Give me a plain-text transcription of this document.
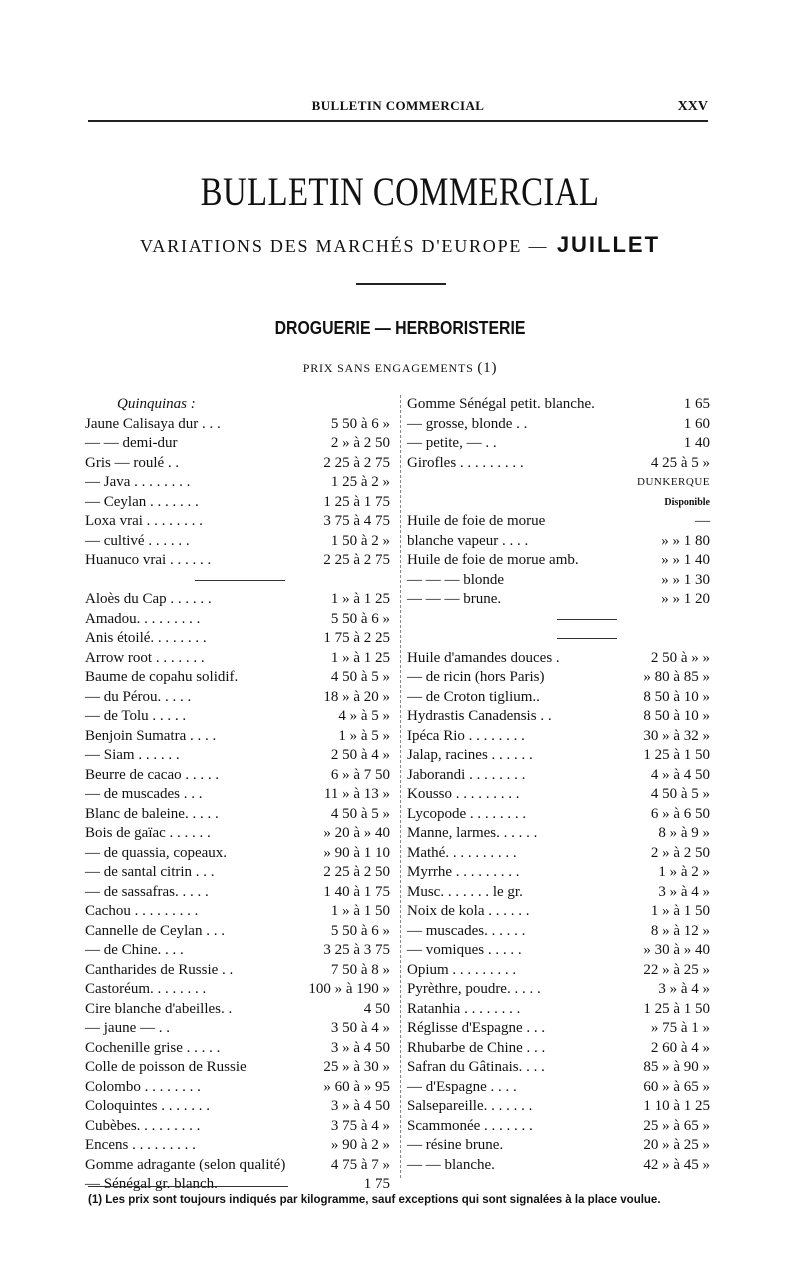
BULLETIN COMMERCIAL	XXV
BULLETIN COMMERCIAL
VARIATIONS DES MARCHÉS D'EUROPE — JUILLET
DROGUERIE — HERBORISTERIE
PRIX SANS ENGAGEMENTS (1)
Quinquinas :
Jaune Calisaya dur . . .	5 50 à 6 »
— — demi-dur	2 » à 2 50
Gris — roulé . .	2 25 à 2 75
— Java . . . . . . . .	1 25 à 2 »
— Ceylan . . . . . . .	1 25 à 1 75
Loxa vrai . . . . . . . .	3 75 à 4 75
— cultivé . . . . . .	1 50 à 2 »
Huanuco vrai . . . . . .	2 25 à 2 75
Aloès du Cap . . . . . .	1 » à 1 25
Amadou. . . . . . . . .	5 50 à 6 »
Anis étoilé. . . . . . . .	1 75 à 2 25
Arrow root . . . . . . .	1 » à 1 25
Baume de copahu solidif.	4 50 à 5 »
— du Pérou. . . . .	18 » à 20 »
— de Tolu . . . . .	4 » à 5 »
Benjoin Sumatra . . . .	1 » à 5 »
— Siam . . . . . .	2 50 à 4 »
Beurre de cacao . . . . .	6 » à 7 50
— de muscades . . .	11 » à 13 »
Blanc de baleine. . . . .	4 50 à 5 »
Bois de gaïac . . . . . .	» 20 à » 40
— de quassia, copeaux.	» 90 à 1 10
— de santal citrin . . .	2 25 à 2 50
— de sassafras. . . . .	1 40 à 1 75
Cachou . . . . . . . . .	1 » à 1 50
Cannelle de Ceylan . . .	5 50 à 6 »
— de Chine. . . .	3 25 à 3 75
Cantharides de Russie . .	7 50 à 8 »
Castoréum. . . . . . . .	100 » à 190 »
Cire blanche d'abeilles. .	4 50
— jaune — . .	3 50 à 4 »
Cochenille grise . . . . .	3 » à 4 50
Colle de poisson de Russie	25 » à 30 »
Colombo . . . . . . . .	» 60 à » 95
Coloquintes . . . . . . .	3 » à 4 50
Cubèbes. . . . . . . . .	3 75 à 4 »
Encens . . . . . . . . .	» 90 à 2 »
Gomme adragante (selon qualité)	4 75 à 7 »
— Sénégal gr. blanch.	1 75
Gomme Sénégal petit. blanche.	1 65
— grosse, blonde . .	1 60
— petite, — . .	1 40
Girofles . . . . . . . . .	4 25 à 5 »
DUNKERQUE
Disponible
Huile de foie de morue	—
blanche vapeur . . . .	» » 1 80
Huile de foie de morue amb.	» » 1 40
— — — blonde	» » 1 30
— — — brune.	» » 1 20
Huile d'amandes douces .	2 50 à » »
— de ricin (hors Paris)	» 80 à 85 »
— de Croton tiglium..	8 50 à 10 »
Hydrastis Canadensis . .	8 50 à 10 »
Ipéca Rio . . . . . . . .	30 » à 32 »
Jalap, racines . . . . . .	1 25 à 1 50
Jaborandi . . . . . . . .	4 » à 4 50
Kousso . . . . . . . . .	4 50 à 5 »
Lycopode . . . . . . . .	6 » à 6 50
Manne, larmes. . . . . .	8 » à 9 »
Mathé. . . . . . . . . .	2 » à 2 50
Myrrhe . . . . . . . . .	1 » à 2 »
Musc. . . . . . . le gr.	3 » à 4 »
Noix de kola . . . . . .	1 » à 1 50
— muscades. . . . . .	8 » à 12 »
— vomiques . . . . .	» 30 à » 40
Opium . . . . . . . . .	22 » à 25 »
Pyrèthre, poudre. . . . .	3 » à 4 »
Ratanhia . . . . . . . .	1 25 à 1 50
Réglisse d'Espagne . . .	» 75 à 1 »
Rhubarbe de Chine . . .	2 60 à 4 »
Safran du Gâtinais. . . .	85 » à 90 »
— d'Espagne . . . .	60 » à 65 »
Salsepareille. . . . . . .	1 10 à 1 25
Scammonée . . . . . . .	25 » à 65 »
— résine brune.	20 » à 25 »
— — blanche.	42 » à 45 »
(1) Les prix sont toujours indiqués par kilogramme, sauf exceptions qui sont signalées à la place voulue.
